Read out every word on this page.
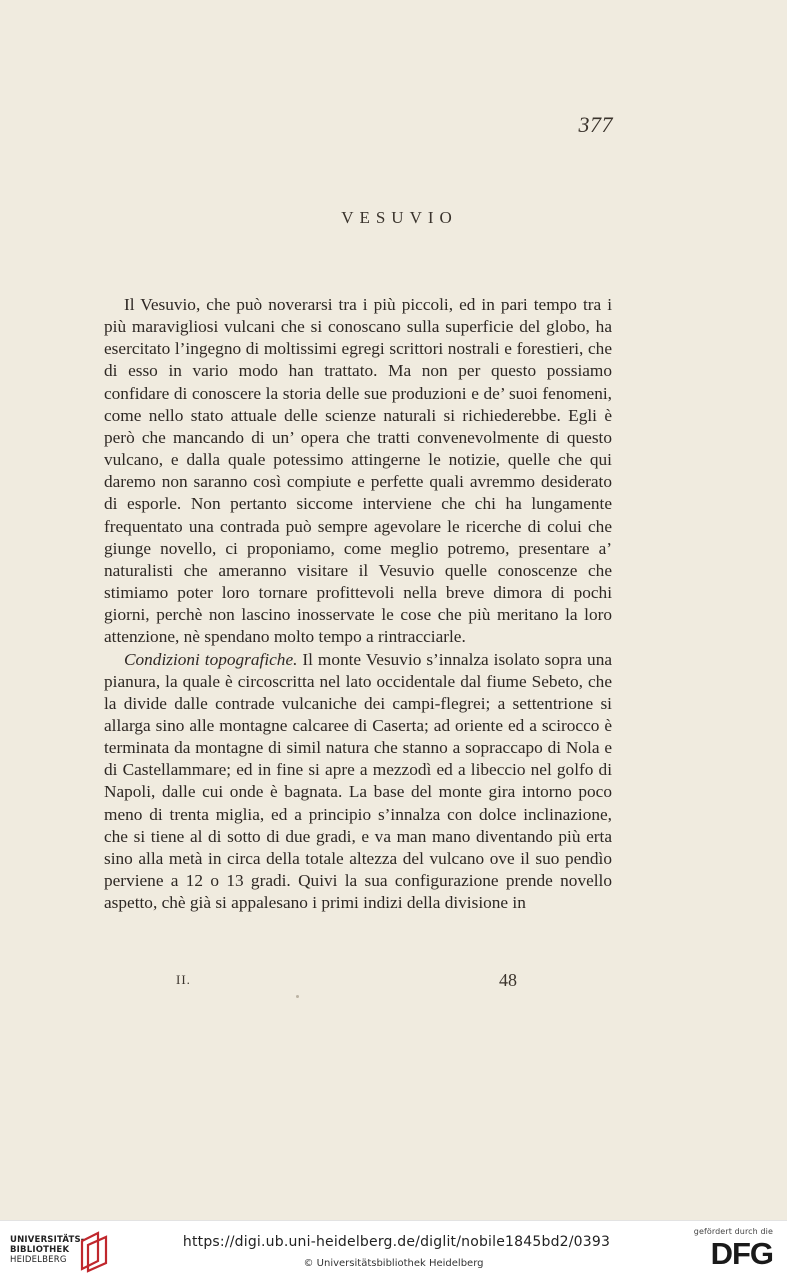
377
VESUVIO

Il Vesuvio, che può noverarsi tra i più piccoli, ed in pari tempo tra i più maravigliosi vulcani che si conoscano sulla superficie del globo, ha esercitato l’ingegno di moltissimi egregi scrittori nostrali e forestieri, che di esso in vario modo han trattato. Ma non per questo possiamo confidare di conoscere la storia delle sue produzioni e de’ suoi fenomeni, come nello stato attuale delle scienze naturali si richiederebbe. Egli è però che mancando di un’ opera che tratti convenevolmente di questo vulcano, e dalla quale potessimo attingerne le notizie, quelle che qui daremo non saranno così compiute e perfette quali avremmo desiderato di esporle. Non pertanto siccome interviene che chi ha lungamente frequentato una contrada può sempre agevolare le ricerche di colui che giunge novello, ci proponiamo, come meglio potremo, presentare a’ naturalisti che ameranno visitare il Vesuvio quelle conoscenze che stimiamo poter loro tornare profittevoli nella breve dimora di pochi giorni, perchè non lascino inosservate le cose che più meritano la loro attenzione, nè spendano molto tempo a rintracciarle.

Condizioni topografiche. Il monte Vesuvio s’innalza isolato sopra una pianura, la quale è circoscritta nel lato occidentale dal fiume Sebeto, che la divide dalle contrade vulcaniche dei campi-flegrei; a settentrione si allarga sino alle montagne calcaree di Caserta; ad oriente ed a scirocco è terminata da montagne di simil natura che stanno a sopraccapo di Nola e di Castellammare; ed in fine si apre a mezzodì ed a libeccio nel golfo di Napoli, dalle cui onde è bagnata. La base del monte gira intorno poco meno di trenta miglia, ed a principio s’innalza con dolce inclinazione, che si tiene al di sotto di due gradi, e va man mano diventando più erta sino alla metà in circa della totale altezza del vulcano ove il suo pendìo perviene a 12 o 13 gradi. Quivi la sua configurazione prende novello aspetto, chè già si appalesano i primi indizi della divisione in

II.	48
UNIVERSITÄTS-
BIBLIOTHEK
HEIDELBERG
https://digi.ub.uni-heidelberg.de/diglit/nobile1845bd2/0393
© Universitätsbibliothek Heidelberg
gefördert durch die
DFG
